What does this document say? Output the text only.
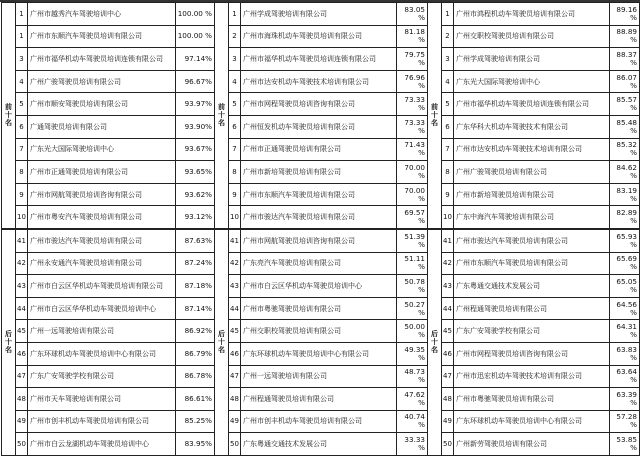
前十名	1	广州市越秀汽车驾驶培训中心	100.00 %
	1	广州市东顺汽车驾驶员培训有限公司	100.00 %
	3	广州市福华机动车驾驶员培训连锁有限公司	97.14%
	4	广州广骏驾驶员培训有限公司	96.67%
	5	广州市顺安驾驶员培训有限公司	93.97%
	6	广通驾驶员培训有限公司	93.90%
	7	广东光大国际驾驶培训中心	93.67%
	8	广州市正通驾驶员培训有限公司	93.65%
	9	广州市网航驾驶员培训咨询有限公司	93.62%
	10	广州市粤安汽车驾驶员培训有限公司	93.12%
后十名	41	广州市骏达汽车驾驶员培训有限公司	87.63%
	42	广州永安通汽车驾驶员培训有限公司	87.24%
	43	广州市白云区华机动车驾驶员培训有限公司	87.18%
	44	广州市白云区华华机动车驾驶员培训中心	87.14%
	45	广州一远驾驶培训有限公司	86.92%
	46	广东环球机动车驾驶员培训中心有限公司	86.79%
	47	广东广安驾驶学校有限公司	86.78%
	48	广州市天车驾驶培训有限公司	86.61%
	49	广州市创丰机动车驾驶员培训有限公司	85.25%
	50	广州市白云龙湖机动车驾驶员培训中心	83.95%
前十名	1	广州学成驾驶培训有限公司	83.05 %
	2	广州市海珠机动车驾驶员培训有限公司	81.18 %
	3	广州市福华机动车驾驶员培训连锁有限公司	79.75 %
	4	广州市达安机动车驾驶技术培训有限公司	76.96 %
	5	广州市网程驾驶员培训咨询有限公司	73.33 %
	6	广州恒发机动车驾驶员培训有限公司	73.33 %
	7	广州市正通驾驶员培训有限公司	71.43 %
	8	广州市新培驾驶员培训有限公司	70.00 %
	9	广州市东顺汽车驾驶员培训有限公司	70.00 %
	10	广州市骏达汽车驾驶员培训有限公司	69.57 %
后十名	41	广州市网航驾驶员培训咨询有限公司	51.39 %
	42	广东亮汽车驾驶员培训有限公司	51.11 %
	43	广州市白云区华机动车驾驶员培训中心	50.78 %
	44	广州市粤驰驾驶员培训有限公司	50.27 %
	45	广州交职校驾驶员培训有限公司	50.00 %
	46	广东环球机动车驾驶员培训中心有限公司	49.35 %
	47	广州一远驾驶培训有限公司	48.73 %
	48	广州程通驾驶员培训有限公司	47.62 %
	49	广州市创丰机动车驾驶员培训有限公司	40.74 %
	50	广东粤通交通技术发展公司	33.33 %
前十名	1	广州市鸿程机动车驾驶员培训有限公司	89.16 %
	2	广州交职校驾驶员培训有限公司	88.89 %
	3	广州学成驾驶培训有限公司	88.37 %
	4	广东光大国际驾驶培训中心	86.07 %
	5	广州市福华机动车驾驶员培训连锁有限公司	85.57 %
	6	广东华科大机动车驾驶技术有限公司	85.48 %
	7	广州市达安机动车驾驶技术培训有限公司	85.32 %
	8	广州广骏驾驶员培训有限公司	84.62 %
	9	广州市新培驾驶员培训有限公司	83.19 %
	10	广东中海汽车驾驶培训有限公司	82.89 %
后十名	41	广州市骏达汽车驾驶员培训有限公司	65.93 %
	42	广州市东顺汽车驾驶员培训有限公司	65.69 %
	43	广东粤通交通技术发展公司	65.05 %
	44	广州程通驾驶员培训有限公司	64.56 %
	45	广东广安驾驶学校有限公司	64.31 %
	46	广州市网程驾驶员培训咨询有限公司	63.83 %
	47	广州市迅宏机动车驾驶技术培训有限公司	63.64 %
	48	广州市粤驰驾驶员培训有限公司	63.39 %
	49	广东环球机动车驾驶员培训中心有限公司	57.28 %
	50	广州新劳驾驶员培训有限公司	53.85 %
